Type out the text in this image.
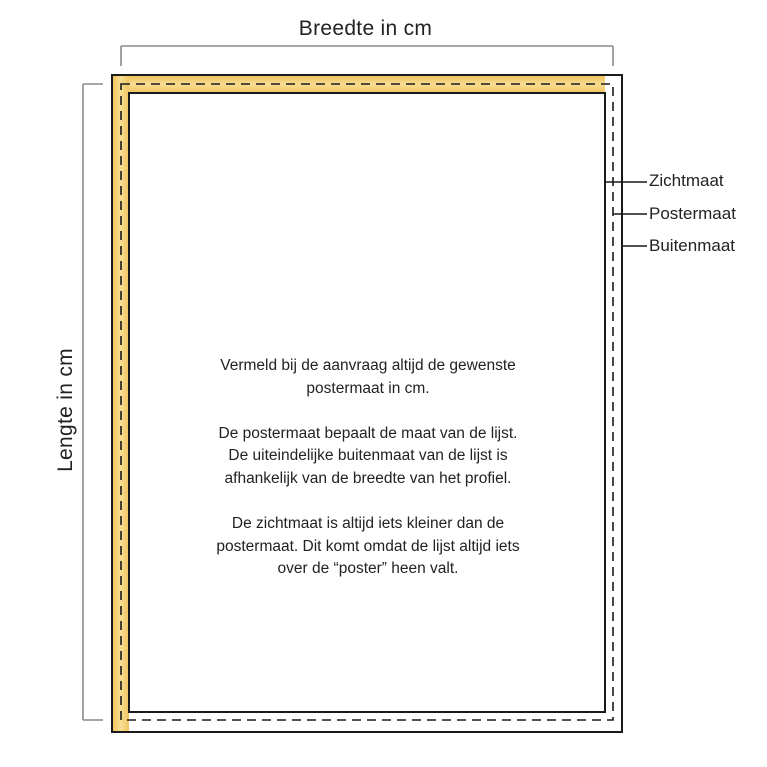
Breedte in cm
Lengte in cm
Zichtmaat
Postermaat
Buitenmaat

Vermeld bij de aanvraag altijd de gewenste postermaat in cm.

De postermaat bepaalt de maat van de lijst. De uiteindelijke buitenmaat van de lijst is afhankelijk van de breedte van het profiel.

De zichtmaat is altijd iets kleiner dan de postermaat. Dit komt omdat de lijst altijd iets over de “poster” heen valt.
